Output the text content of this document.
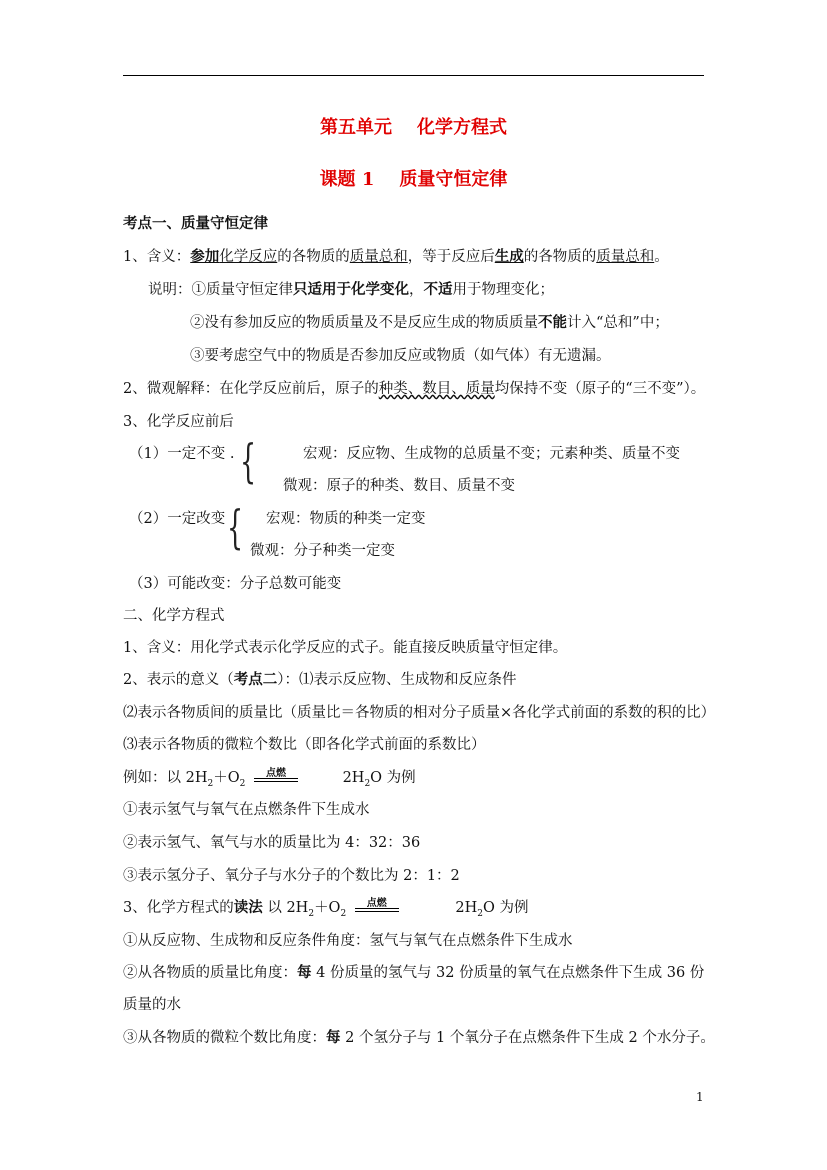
第五单元    化学方程式
课题 1    质量守恒定律
考点一、质量守恒定律
1、含义：参加化学反应的各物质的质量总和，等于反应后生成的各物质的质量总和。
说明：①质量守恒定律只适用于化学变化，不适用于物理变化；
②没有参加反应的物质质量及不是反应生成的物质质量不能计入“总和”中；
③要考虑空气中的物质是否参加反应或物质（如气体）有无遗漏。
2、微观解释：在化学反应前后，原子的种类、数目、质量均保持不变（原子的“三不变”）。
3、化学反应前后
（1）一定不变 . {	宏观：反应物、生成物的总质量不变；元素种类、质量不变
微观：原子的种类、数目、质量不变
（2）一定改变 { 宏观：物质的种类一定变
微观：分子种类一定变
（3）可能改变：分子总数可能变
二、化学方程式
1、含义：用化学式表示化学反应的式子。能直接反映质量守恒定律。
2、表示的意义（考点二）：⑴表示反应物、生成物和反应条件
⑵表示各物质间的质量比（质量比＝各物质的相对分子质量×各化学式前面的系数的积的比）
⑶表示各物质的微粒个数比（即各化学式前面的系数比）
例如：以 $2H_2+O_2$
点燃	$2H_2O$ 为例
①表示氢气与氧气在点燃条件下生成水
②表示氢气、氧气与水的质量比为 4：32：36
③表示氢分子、氧分子与水分子的个数比为 2：1：2
3、化学方程式的读法 以 $2H_2+O_2$
点燃	$2H_2O$ 为例
①从反应物、生成物和反应条件角度：氢气与氧气在点燃条件下生成水
②从各物质的质量比角度：每 4 份质量的氢气与 32 份质量的氧气在点燃条件下生成 36 份
质量的水
③从各物质的微粒个数比角度：每 2 个氢分子与 1 个氧分子在点燃条件下生成 2 个水分子。
1
